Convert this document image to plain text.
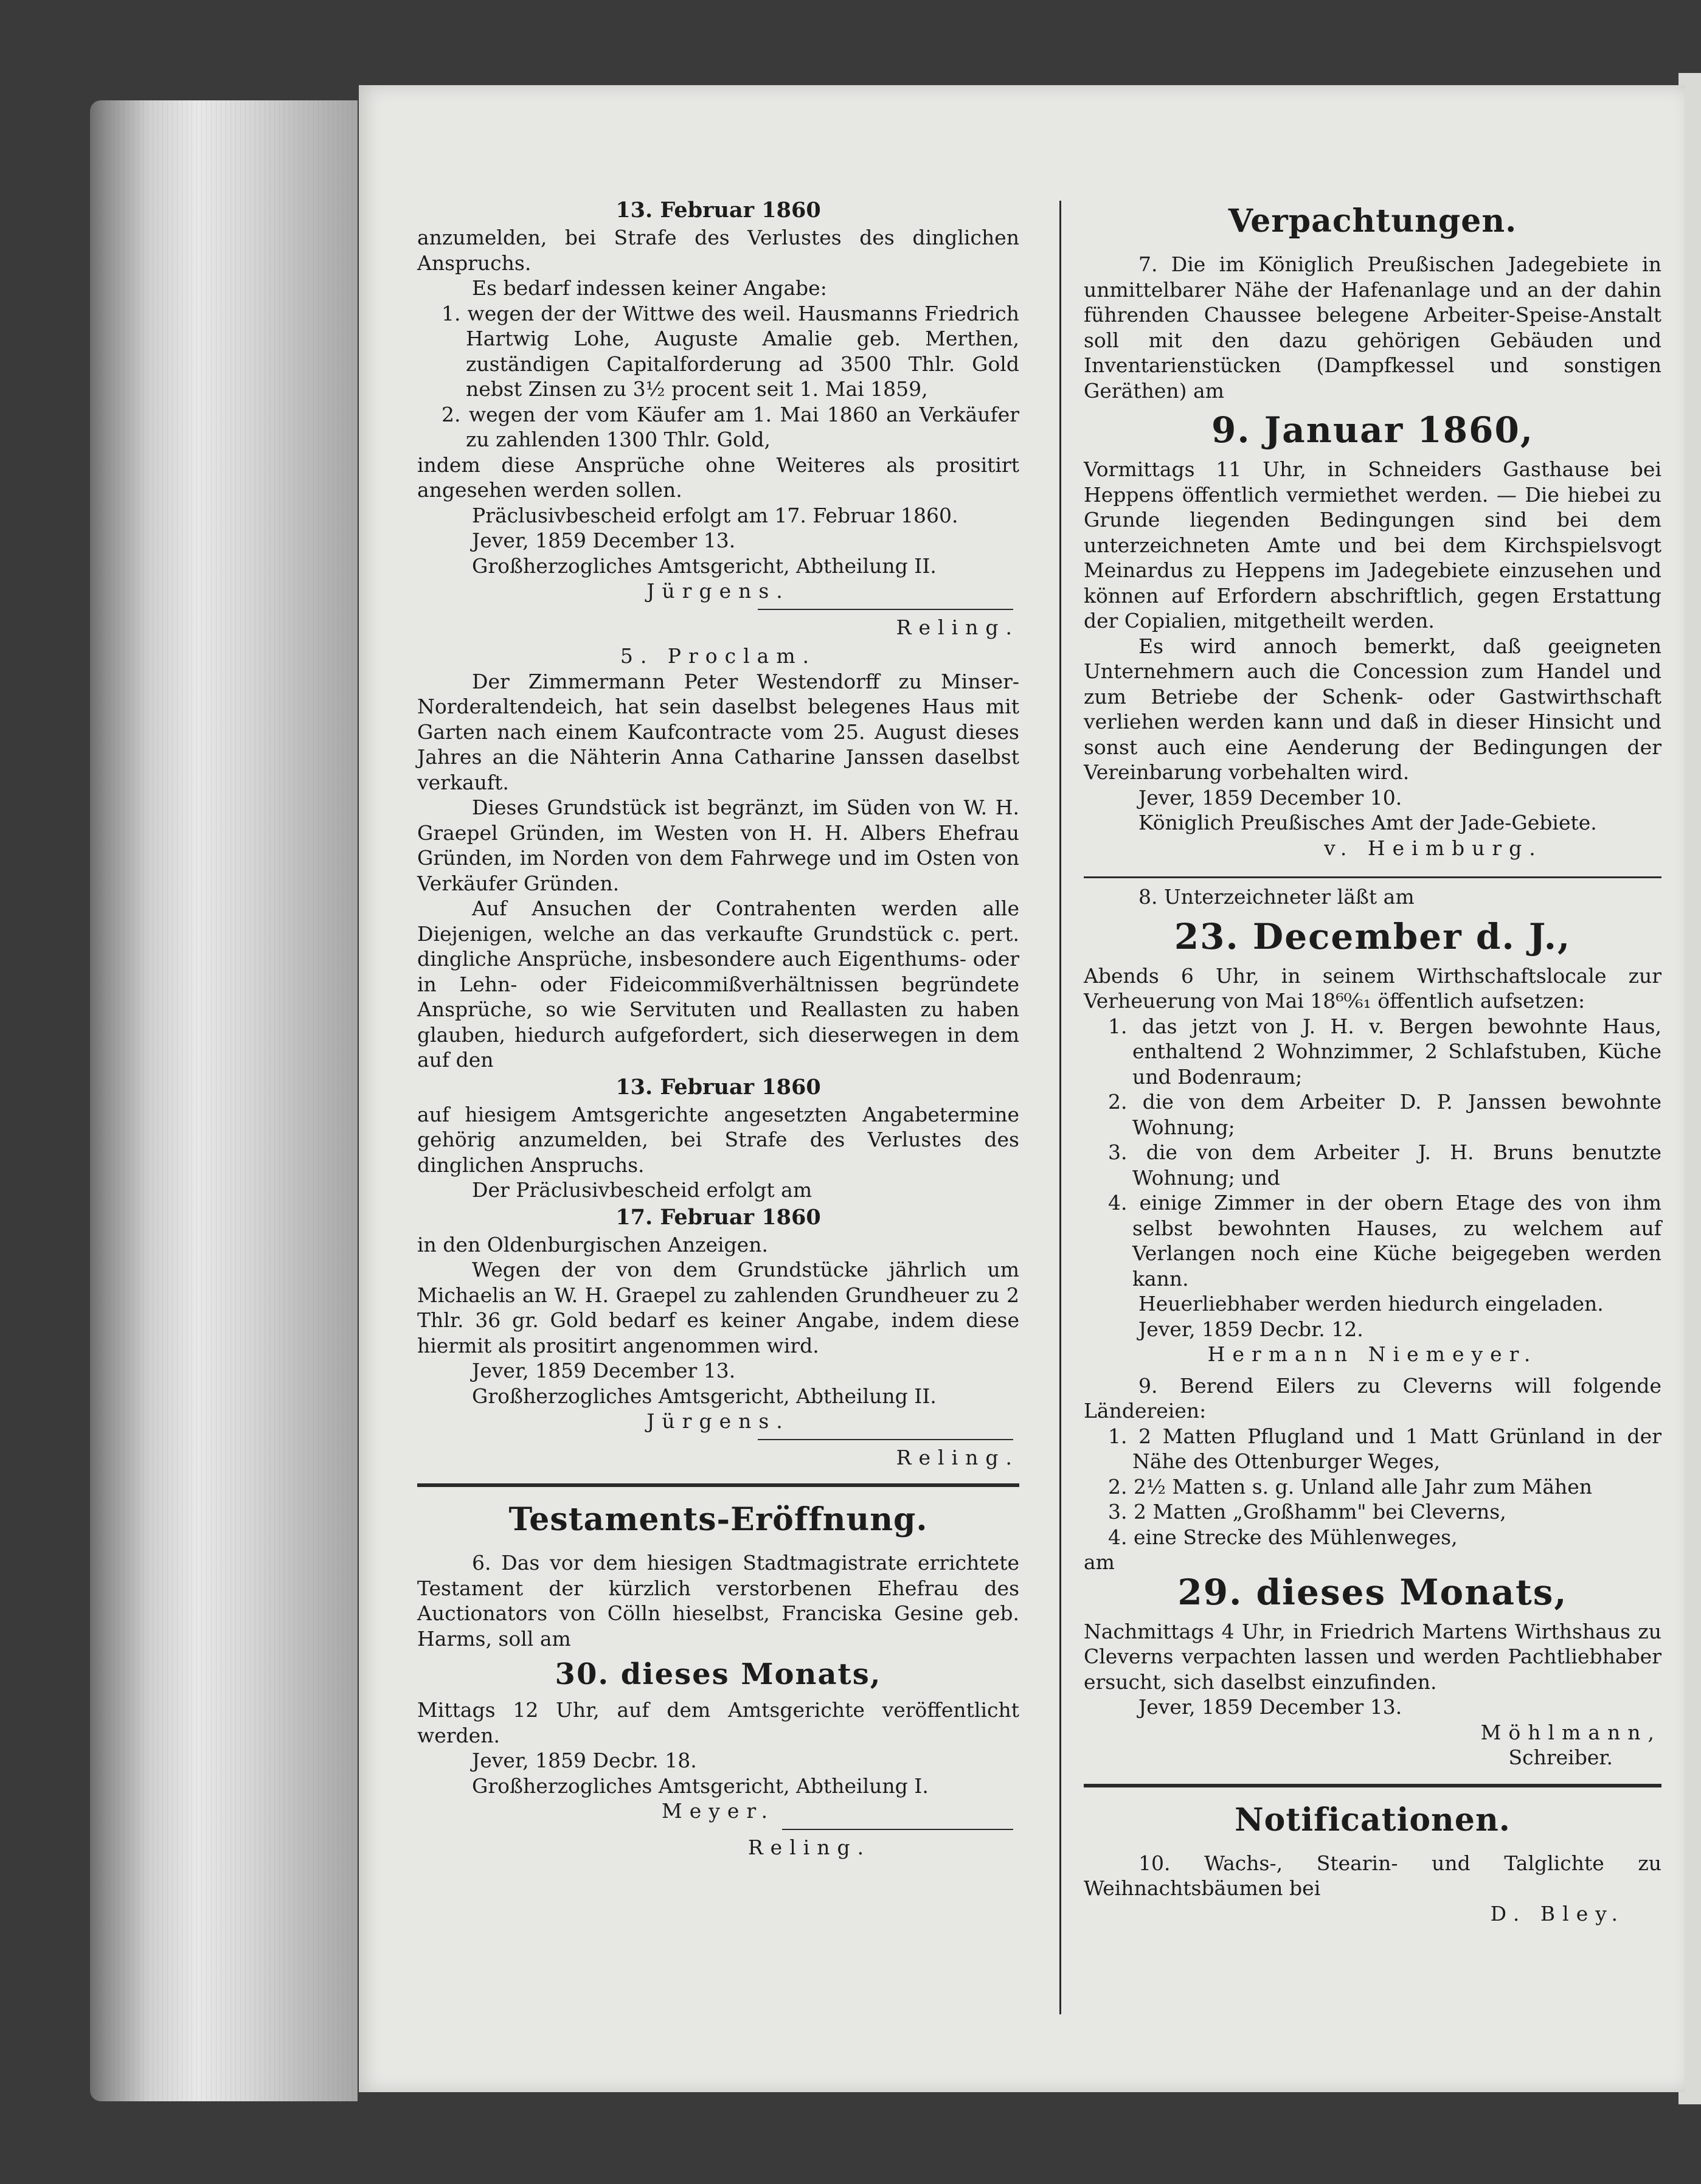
13. Februar 1860

anzumelden, bei Strafe des Verlustes des dinglichen Anspruchs.

Es bedarf indessen keiner Angabe:

1. wegen der der Wittwe des weil. Hausmanns Friedrich Hartwig Lohe, Auguste Amalie geb. Merthen, zuständigen Capitalforderung ad 3500 Thlr. Gold nebst Zinsen zu 3½ procent seit 1. Mai 1859,

2. wegen der vom Käufer am 1. Mai 1860 an Verkäufer zu zahlenden 1300 Thlr. Gold,

indem diese Ansprüche ohne Weiteres als prositirt angesehen werden sollen.

Präclusivbescheid erfolgt am 17. Februar 1860.

Jever, 1859 December 13.

Großherzogliches Amtsgericht, Abtheilung II.

Jürgens.

Reling.

5. Proclam.

Der Zimmermann Peter Westendorff zu Minser-Norderaltendeich, hat sein daselbst belegenes Haus mit Garten nach einem Kaufcontracte vom 25. August dieses Jahres an die Nähterin Anna Catharine Janssen daselbst verkauft.

Dieses Grundstück ist begränzt, im Süden von W. H. Graepel Gründen, im Westen von H. H. Albers Ehefrau Gründen, im Norden von dem Fahrwege und im Osten von Verkäufer Gründen.

Auf Ansuchen der Contrahenten werden alle Diejenigen, welche an das verkaufte Grundstück c. pert. dingliche Ansprüche, insbesondere auch Eigenthums- oder in Lehn- oder Fideicommißverhältnissen begründete Ansprüche, so wie Servituten und Reallasten zu haben glauben, hiedurch aufgefordert, sich dieserwegen in dem auf den

13. Februar 1860

auf hiesigem Amtsgerichte angesetzten Angabetermine gehörig anzumelden, bei Strafe des Verlustes des dinglichen Anspruchs.

Der Präclusivbescheid erfolgt am

17. Februar 1860

in den Oldenburgischen Anzeigen.

Wegen der von dem Grundstücke jährlich um Michaelis an W. H. Graepel zu zahlenden Grundheuer zu 2 Thlr. 36 gr. Gold bedarf es keiner Angabe, indem diese hiermit als prositirt angenommen wird.

Jever, 1859 December 13.

Großherzogliches Amtsgericht, Abtheilung II.

Jürgens.

Reling.

Testaments-Eröffnung.

6. Das vor dem hiesigen Stadtmagistrate errichtete Testament der kürzlich verstorbenen Ehefrau des Auctionators von Cölln hieselbst, Franciska Gesine geb. Harms, soll am

30. dieses Monats,

Mittags 12 Uhr, auf dem Amtsgerichte veröffentlicht werden.

Jever, 1859 Decbr. 18.

Großherzogliches Amtsgericht, Abtheilung I.

Meyer.

Reling.

Verpachtungen.

7. Die im Königlich Preußischen Jadegebiete in unmittelbarer Nähe der Hafenanlage und an der dahin führenden Chaussee belegene Arbeiter-Speise-Anstalt soll mit den dazu gehörigen Gebäuden und Inventarienstücken (Dampfkessel und sonstigen Geräthen) am

9. Januar 1860,

Vormittags 11 Uhr, in Schneiders Gasthause bei Heppens öffentlich vermiethet werden. — Die hiebei zu Grunde liegenden Bedingungen sind bei dem unterzeichneten Amte und bei dem Kirchspielsvogt Meinardus zu Heppens im Jadegebiete einzusehen und können auf Erfordern abschriftlich, gegen Erstattung der Copialien, mitgetheilt werden.

Es wird annoch bemerkt, daß geeigneten Unternehmern auch die Concession zum Handel und zum Betriebe der Schenk- oder Gastwirthschaft verliehen werden kann und daß in dieser Hinsicht und sonst auch eine Aenderung der Bedingungen der Vereinbarung vorbehalten wird.

Jever, 1859 December 10.

Königlich Preußisches Amt der Jade-Gebiete.

v. Heimburg.

8. Unterzeichneter läßt am

23. December d. J.,

Abends 6 Uhr, in seinem Wirthschaftslocale zur Verheuerung von Mai 18⁶⁰⁄₆₁ öffentlich aufsetzen:

1. das jetzt von J. H. v. Bergen bewohnte Haus, enthaltend 2 Wohnzimmer, 2 Schlafstuben, Küche und Bodenraum;

2. die von dem Arbeiter D. P. Janssen bewohnte Wohnung;

3. die von dem Arbeiter J. H. Bruns benutzte Wohnung; und

4. einige Zimmer in der obern Etage des von ihm selbst bewohnten Hauses, zu welchem auf Verlangen noch eine Küche beigegeben werden kann.

Heuerliebhaber werden hiedurch eingeladen.

Jever, 1859 Decbr. 12.

Hermann Niemeyer.

9. Berend Eilers zu Cleverns will folgende Ländereien:

1. 2 Matten Pflugland und 1 Matt Grünland in der Nähe des Ottenburger Weges,

2. 2½ Matten s. g. Unland alle Jahr zum Mähen

3. 2 Matten „Großhamm" bei Cleverns,

4. eine Strecke des Mühlenweges,

am

29. dieses Monats,

Nachmittags 4 Uhr, in Friedrich Martens Wirthshaus zu Cleverns verpachten lassen und werden Pachtliebhaber ersucht, sich daselbst einzufinden.

Jever, 1859 December 13.

Möhlmann,

Schreiber.

Notificationen.

10. Wachs-, Stearin- und Talglichte zu Weihnachtsbäumen bei

D. Bley.
